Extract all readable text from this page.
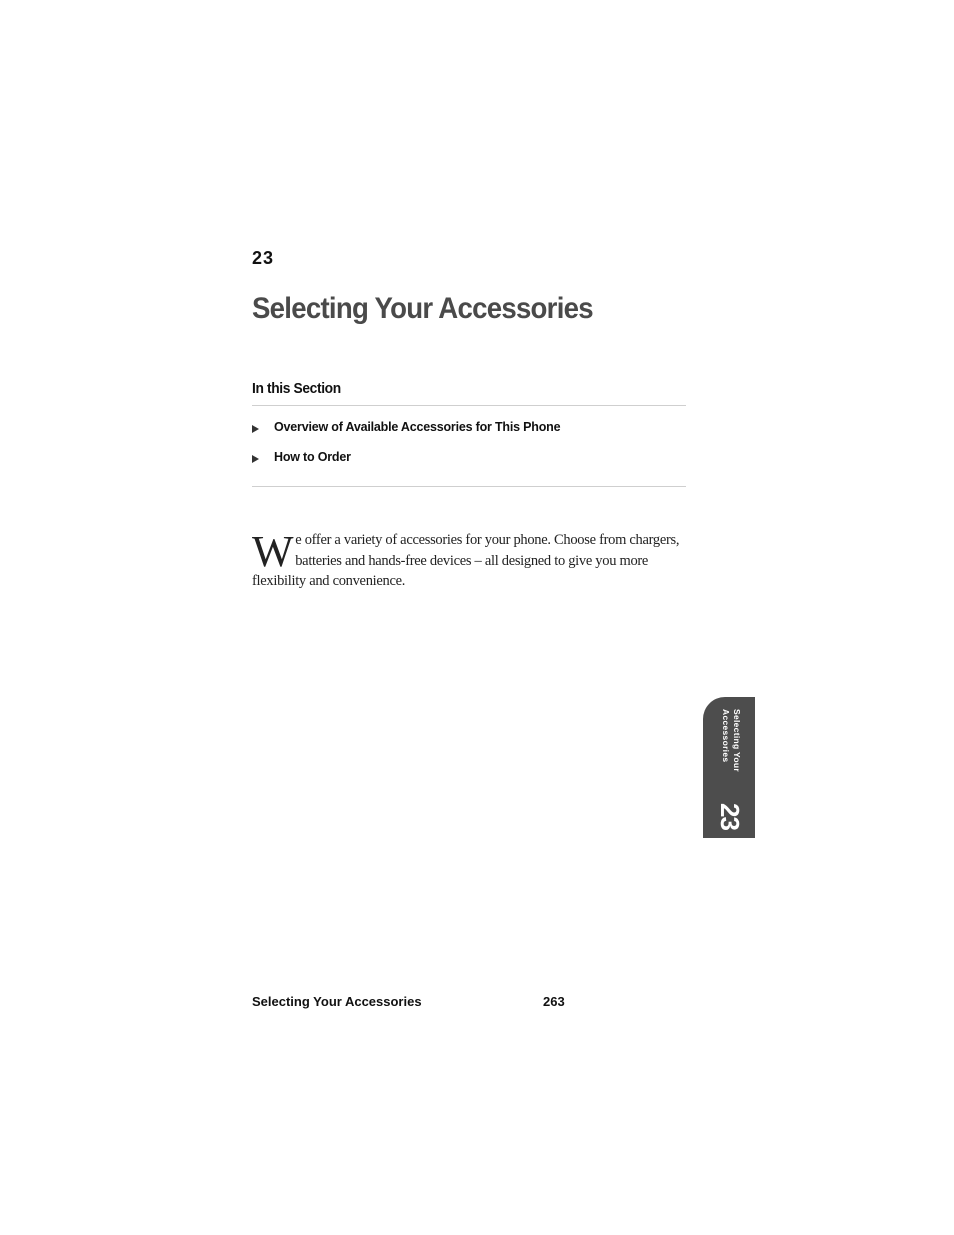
23
Selecting Your Accessories
In this Section
Overview of Available Accessories for This Phone
How to Order

We offer a variety of accessories for your phone. Choose from chargers, batteries and hands-free devices – all designed to give you more flexibility and convenience.

Selecting Your
Accessories
23
Selecting Your Accessories	263
